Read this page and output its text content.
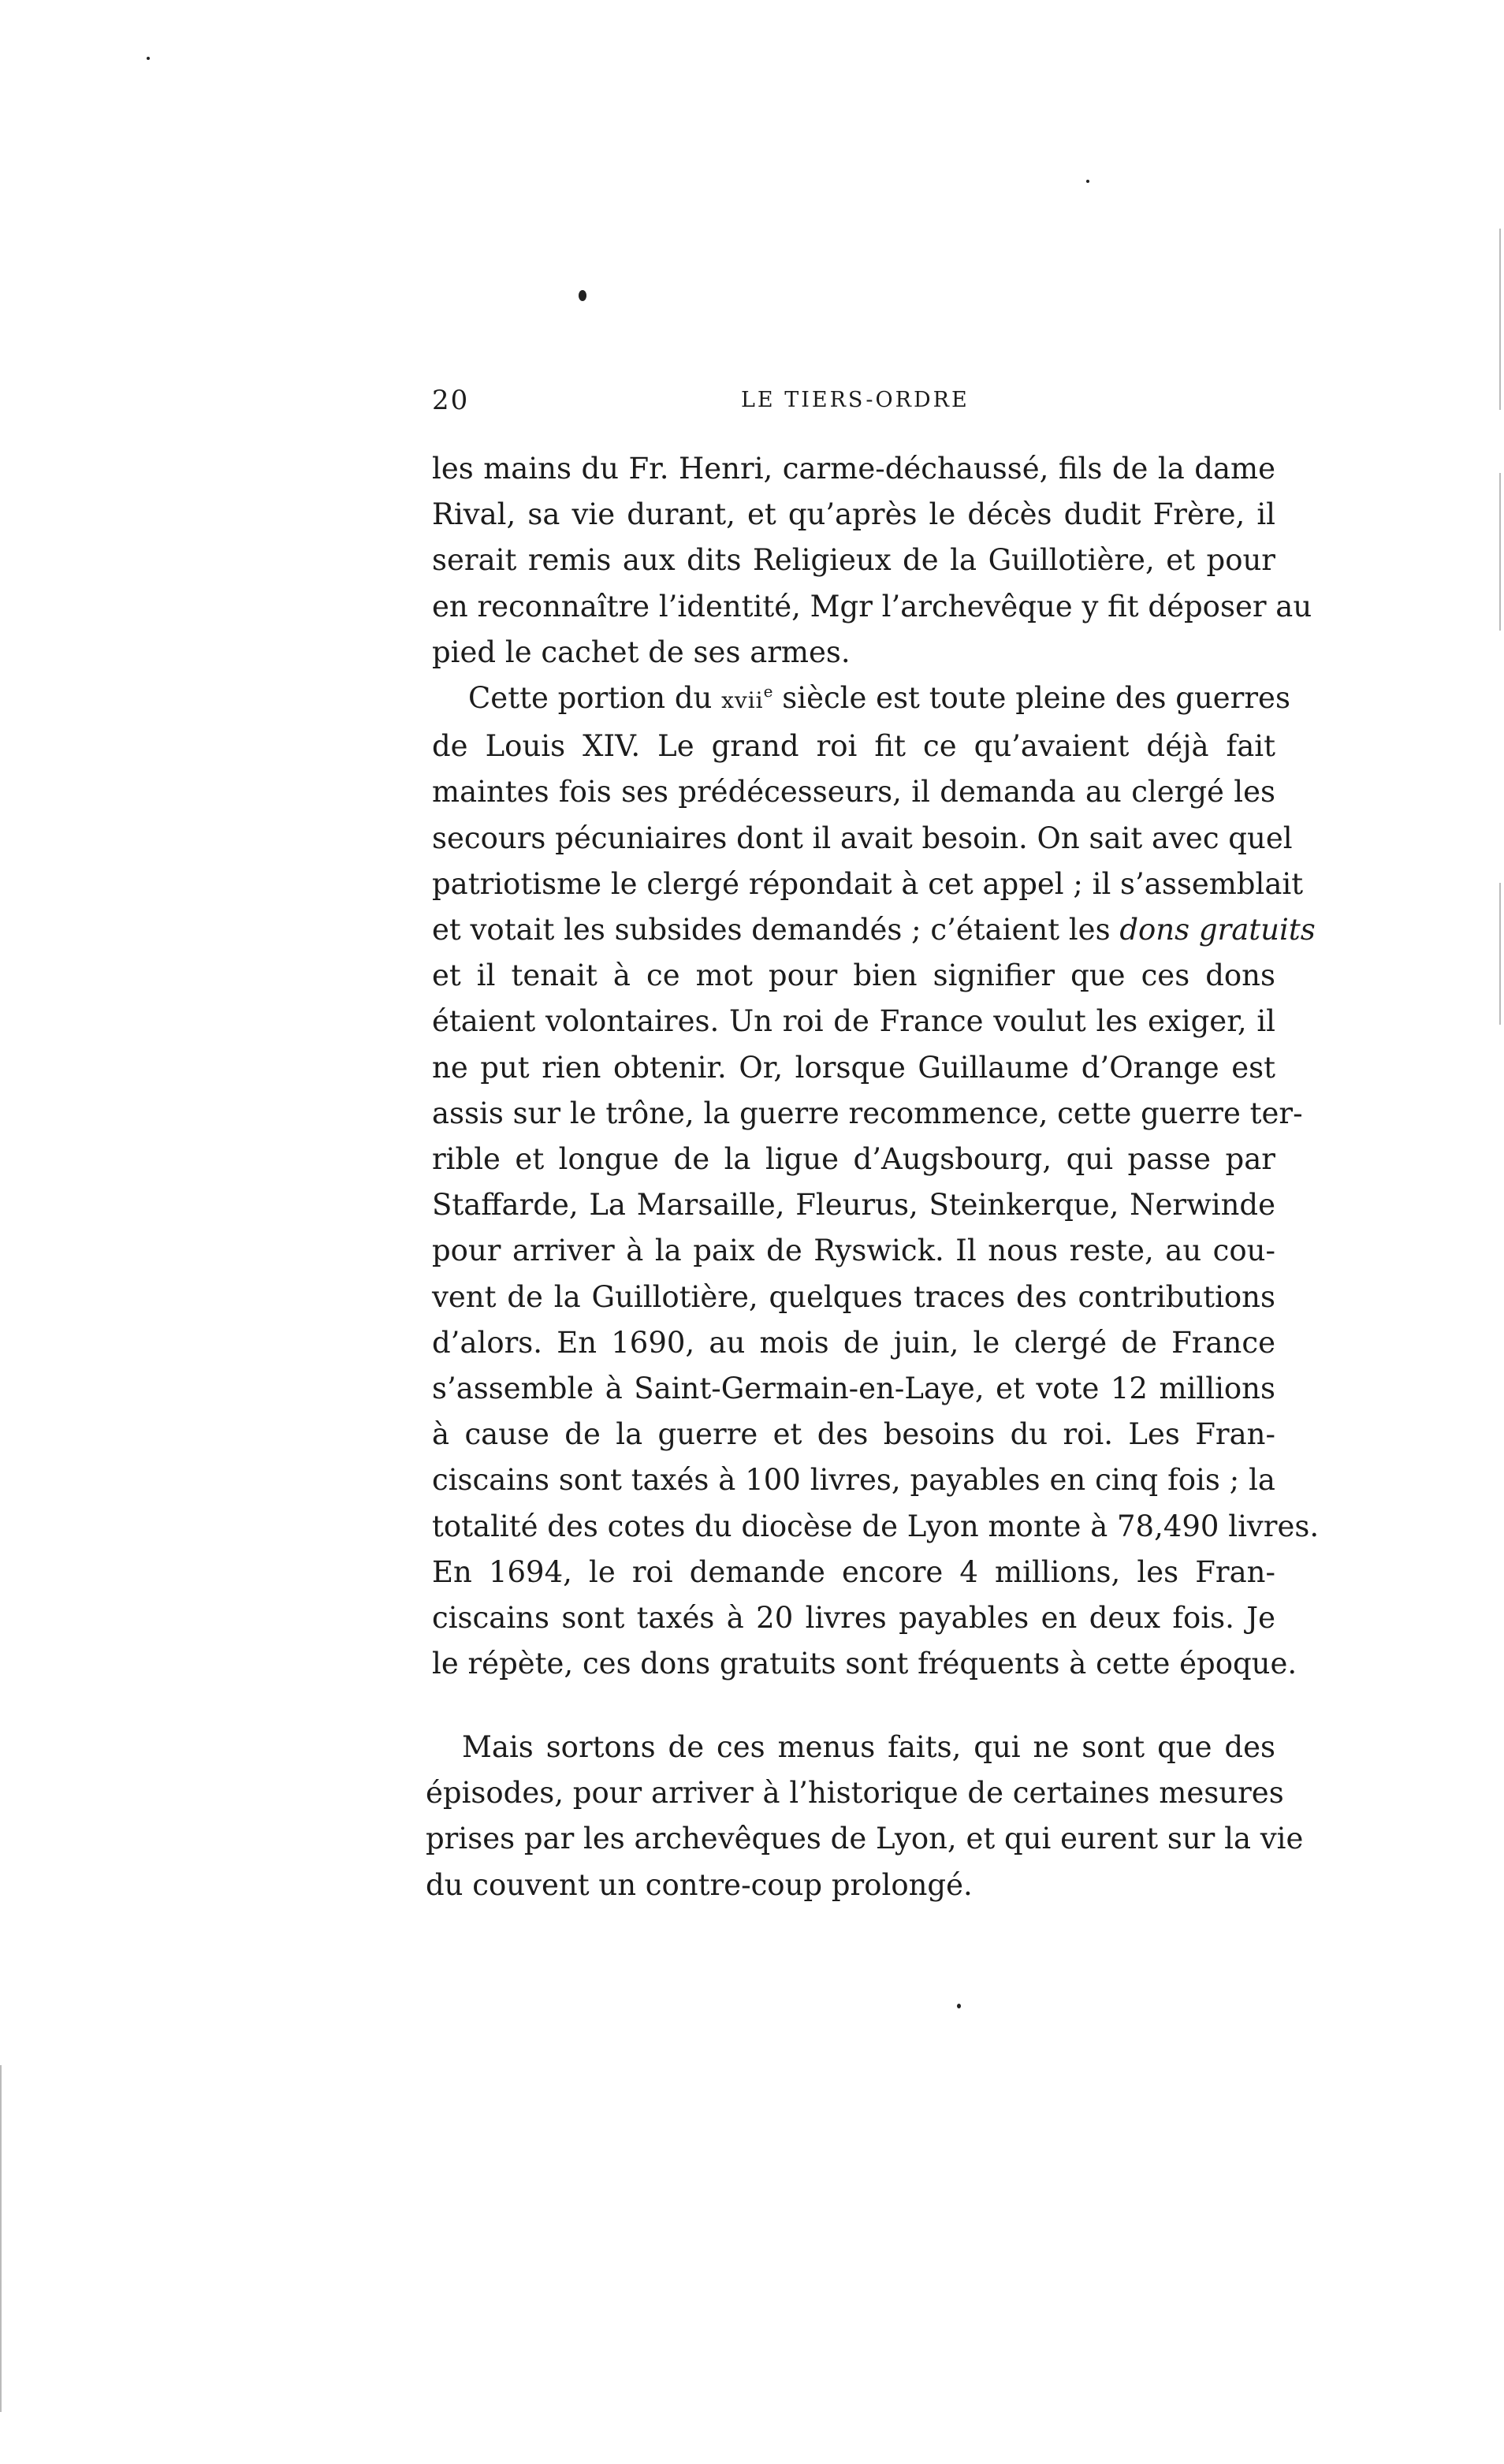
20	LE TIERS-ORDRE
les mains du Fr. Henri, carme-déchaussé, fils de la dame
Rival, sa vie durant, et qu’après le décès dudit Frère, il
serait remis aux dits Religieux de la Guillotière, et pour
en reconnaître l’identité, Mgr l’archevêque y fit déposer au
pied le cachet de ses armes.
Cette portion du xvii$^e$ siècle est toute pleine des guerres
de Louis XIV. Le grand roi fit ce qu’avaient déjà fait
maintes fois ses prédécesseurs, il demanda au clergé les
secours pécuniaires dont il avait besoin. On sait avec quel
patriotisme le clergé répondait à cet appel ; il s’assemblait
et votait les subsides demandés ; c’étaient les dons gratuits
et il tenait à ce mot pour bien signifier que ces dons
étaient volontaires. Un roi de France voulut les exiger, il
ne put rien obtenir. Or, lorsque Guillaume d’Orange est
assis sur le trône, la guerre recommence, cette guerre ter-
rible et longue de la ligue d’Augsbourg, qui passe par
Staffarde, La Marsaille, Fleurus, Steinkerque, Nerwinde
pour arriver à la paix de Ryswick. Il nous reste, au cou-
vent de la Guillotière, quelques traces des contributions
d’alors. En 1690, au mois de juin, le clergé de France
s’assemble à Saint-Germain-en-Laye, et vote 12 millions
à cause de la guerre et des besoins du roi. Les Fran-
ciscains sont taxés à 100 livres, payables en cinq fois ; la
totalité des cotes du diocèse de Lyon monte à 78,490 livres.
En 1694, le roi demande encore 4 millions, les Fran-
ciscains sont taxés à 20 livres payables en deux fois. Je
le répète, ces dons gratuits sont fréquents à cette époque.
Mais sortons de ces menus faits, qui ne sont que des
épisodes, pour arriver à l’historique de certaines mesures
prises par les archevêques de Lyon, et qui eurent sur la vie
du couvent un contre-coup prolongé.
